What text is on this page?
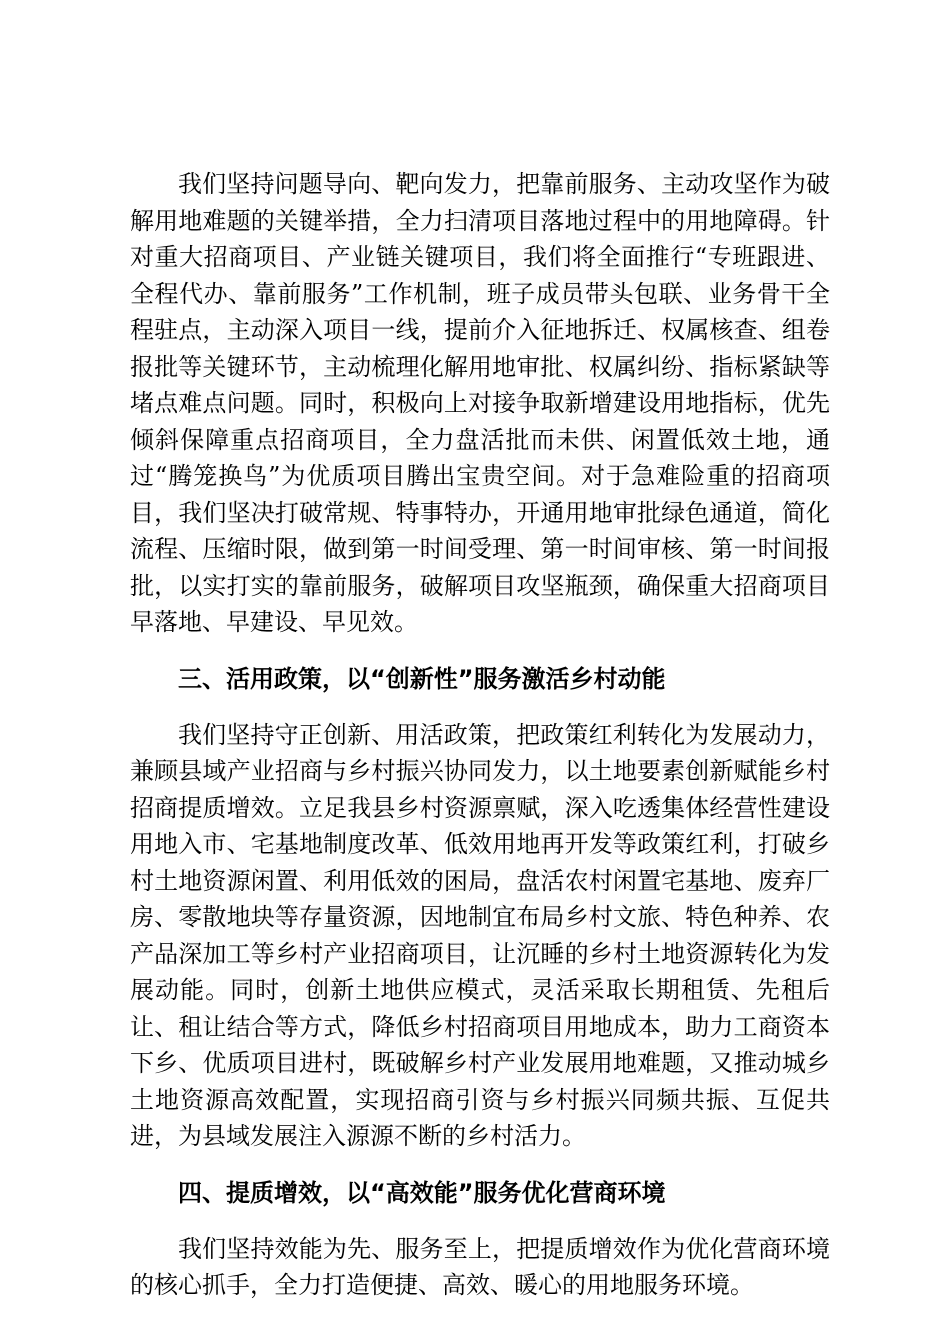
我们坚持问题导向、靶向发力，把靠前服务、主动攻坚作为破解用地难题的关键举措，全力扫清项目落地过程中的用地障碍。针对重大招商项目、产业链关键项目，我们将全面推行“专班跟进、全程代办、靠前服务”工作机制，班子成员带头包联、业务骨干全程驻点，主动深入项目一线，提前介入征地拆迁、权属核查、组卷报批等关键环节，主动梳理化解用地审批、权属纠纷、指标紧缺等堵点难点问题。同时，积极向上对接争取新增建设用地指标，优先倾斜保障重点招商项目，全力盘活批而未供、闲置低效土地，通过“腾笼换鸟”为优质项目腾出宝贵空间。对于急难险重的招商项目，我们坚决打破常规、特事特办，开通用地审批绿色通道，简化流程、压缩时限，做到第一时间受理、第一时间审核、第一时间报批，以实打实的靠前服务，破解项目攻坚瓶颈，确保重大招商项目早落地、早建设、早见效。

三、活用政策，以“创新性”服务激活乡村动能

我们坚持守正创新、用活政策，把政策红利转化为发展动力，兼顾县域产业招商与乡村振兴协同发力，以土地要素创新赋能乡村招商提质增效。立足我县乡村资源禀赋，深入吃透集体经营性建设用地入市、宅基地制度改革、低效用地再开发等政策红利，打破乡村土地资源闲置、利用低效的困局，盘活农村闲置宅基地、废弃厂房、零散地块等存量资源，因地制宜布局乡村文旅、特色种养、农产品深加工等乡村产业招商项目，让沉睡的乡村土地资源转化为发展动能。同时，创新土地供应模式，灵活采取长期租赁、先租后让、租让结合等方式，降低乡村招商项目用地成本，助力工商资本下乡、优质项目进村，既破解乡村产业发展用地难题，又推动城乡土地资源高效配置，实现招商引资与乡村振兴同频共振、互促共进，为县域发展注入源源不断的乡村活力。

四、提质增效，以“高效能”服务优化营商环境

我们坚持效能为先、服务至上，把提质增效作为优化营商环境的核心抓手，全力打造便捷、高效、暖心的用地服务环境。
